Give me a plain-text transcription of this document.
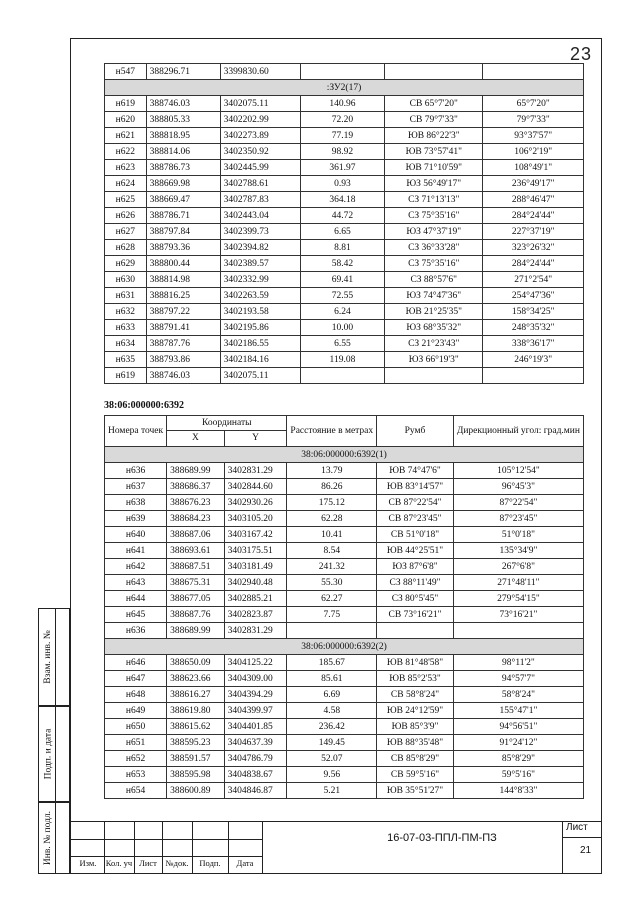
23
н547	388296.71	3399830.60			
:ЗУ2(17)					
н619	388746.03	3402075.11	140.96	СВ 65°7'20"	65°7'20"
н620	388805.33	3402202.99	72.20	СВ 79°7'33"	79°7'33"
н621	388818.95	3402273.89	77.19	ЮВ 86°22'3"	93°37'57"
н622	388814.06	3402350.92	98.92	ЮВ 73°57'41"	106°2'19"
н623	388786.73	3402445.99	361.97	ЮВ 71°10'59"	108°49'1"
н624	388669.98	3402788.61	0.93	ЮЗ 56°49'17"	236°49'17"
н625	388669.47	3402787.83	364.18	СЗ 71°13'13"	288°46'47"
н626	388786.71	3402443.04	44.72	СЗ 75°35'16"	284°24'44"
н627	388797.84	3402399.73	6.65	ЮЗ 47°37'19"	227°37'19"
н628	388793.36	3402394.82	8.81	СЗ 36°33'28"	323°26'32"
н629	388800.44	3402389.57	58.42	СЗ 75°35'16"	284°24'44"
н630	388814.98	3402332.99	69.41	СЗ 88°57'6"	271°2'54"
н631	388816.25	3402263.59	72.55	ЮЗ 74°47'36"	254°47'36"
н632	388797.22	3402193.58	6.24	ЮВ 21°25'35"	158°34'25"
н633	388791.41	3402195.86	10.00	ЮЗ 68°35'32"	248°35'32"
н634	388787.76	3402186.55	6.55	СЗ 21°23'43"	338°36'17"
н635	388793.86	3402184.16	119.08	ЮЗ 66°19'3"	246°19'3"
н619	388746.03	3402075.11			
38:06:000000:6392
Номера точек	Координаты		Расстояние в метрах	Румб	Дирекционный угол: град.мин
	X	Y			
38:06:000000:6392(1)					
н636	388689.99	3402831.29	13.79	ЮВ 74°47'6"	105°12'54"
н637	388686.37	3402844.60	86.26	ЮВ 83°14'57"	96°45'3"
н638	388676.23	3402930.26	175.12	СВ 87°22'54"	87°22'54"
н639	388684.23	3403105.20	62.28	СВ 87°23'45"	87°23'45"
н640	388687.06	3403167.42	10.41	СВ 51°0'18"	51°0'18"
н641	388693.61	3403175.51	8.54	ЮВ 44°25'51"	135°34'9"
н642	388687.51	3403181.49	241.32	ЮЗ 87°6'8"	267°6'8"
н643	388675.31	3402940.48	55.30	СЗ 88°11'49"	271°48'11"
н644	388677.05	3402885.21	62.27	СЗ 80°5'45"	279°54'15"
н645	388687.76	3402823.87	7.75	СВ 73°16'21"	73°16'21"
н636	388689.99	3402831.29			
38:06:000000:6392(2)					
н646	388650.09	3404125.22	185.67	ЮВ 81°48'58"	98°11'2"
н647	388623.66	3404309.00	85.61	ЮВ 85°2'53"	94°57'7"
н648	388616.27	3404394.29	6.69	СВ 58°8'24"	58°8'24"
н649	388619.80	3404399.97	4.58	ЮВ 24°12'59"	155°47'1"
н650	388615.62	3404401.85	236.42	ЮВ 85°3'9"	94°56'51"
н651	388595.23	3404637.39	149.45	ЮВ 88°35'48"	91°24'12"
н652	388591.57	3404786.79	52.07	СВ 85°8'29"	85°8'29"
н653	388595.98	3404838.67	9.56	СВ 59°5'16"	59°5'16"
н654	388600.89	3404846.87	5.21	ЮВ 35°51'27"	144°8'33"
Взам. инв. №
Подп. и дата
Инв. № подл.	Изм.	Кол. уч Лист	№док.	Подп.	Дата
16-07-03-ППЛ-ПМ-ПЗ
Лист
21
